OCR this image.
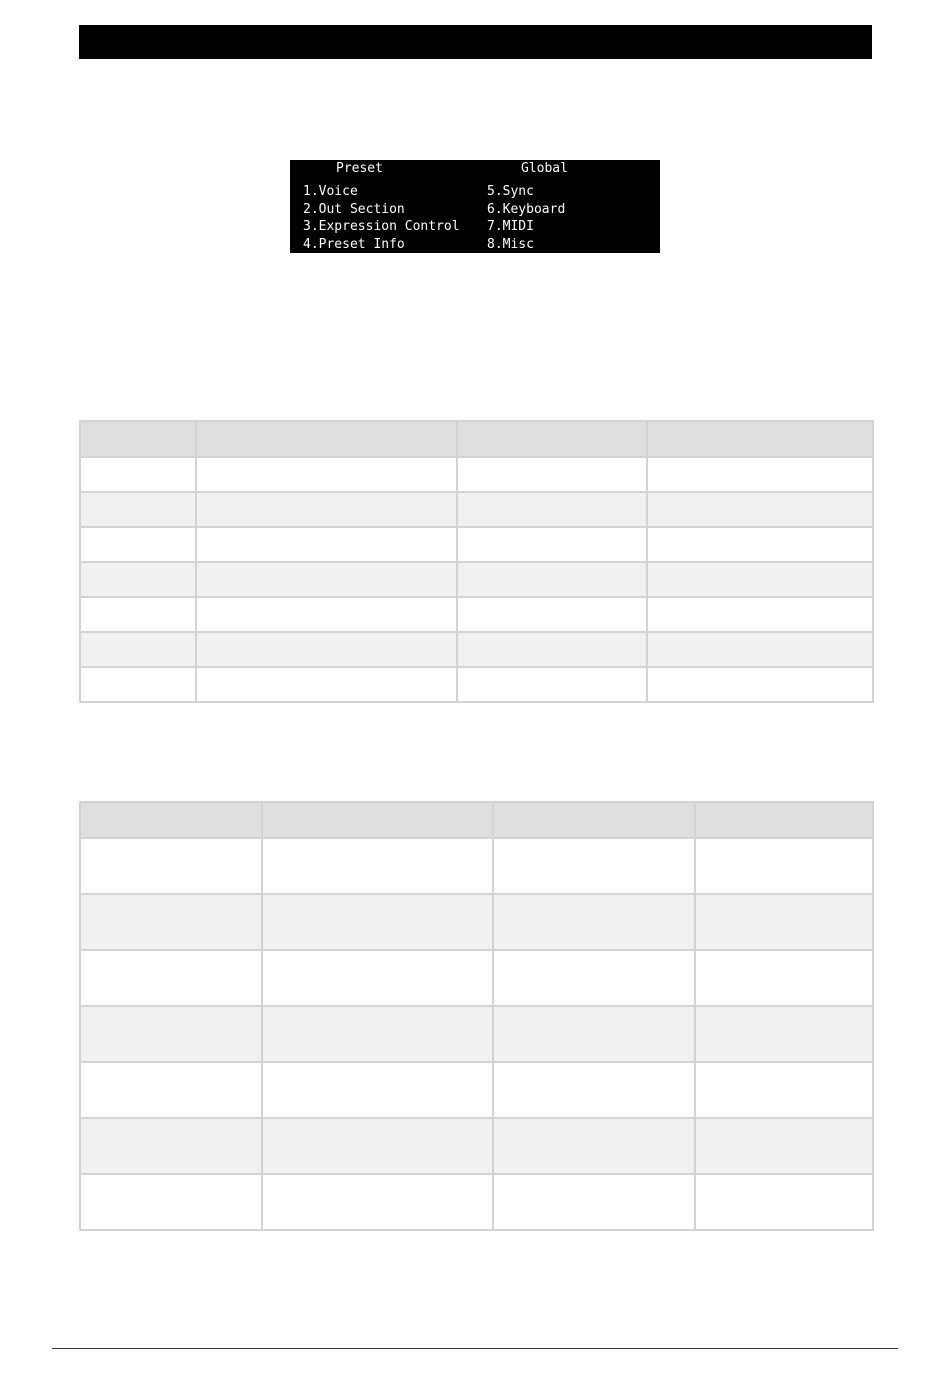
Preset	Global
1.Voice
2.Out Section
3.Expression Control
4.Preset Info
5.Sync
6.Keyboard
7.MIDI
8.Misc
